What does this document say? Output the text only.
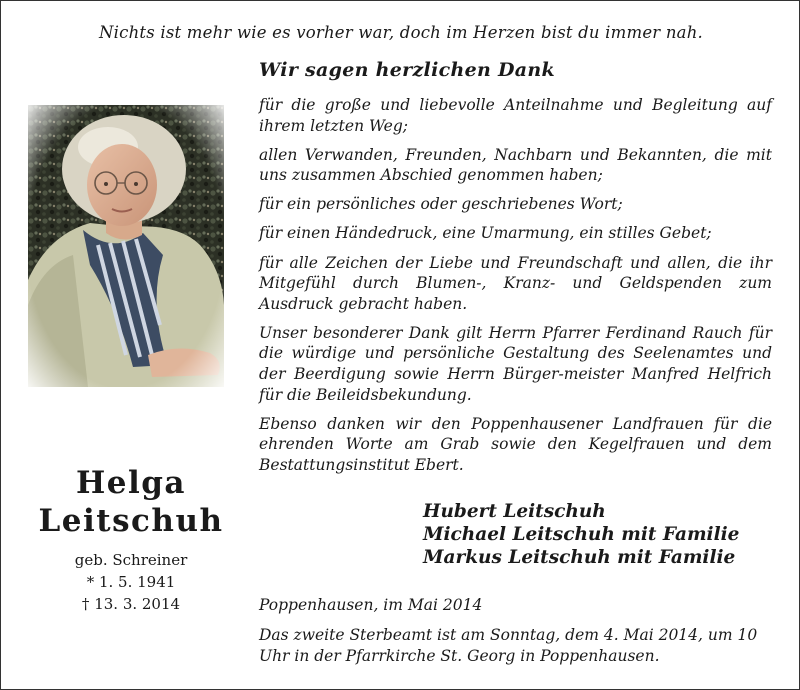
Nichts ist mehr wie es vorher war, doch im Herzen bist du immer nah.
Wir sagen herzlichen Dank
Helga
Leitschuh
geb. Schreiner
* 1. 5. 1941
† 13. 3. 2014

für die große und liebevolle Anteilnahme und Begleitung auf ihrem letzten Weg;

allen Verwanden, Freunden, Nachbarn und Bekannten, die mit uns zusammen Abschied genommen haben;

für ein persönliches oder geschriebenes Wort;

für einen Händedruck, eine Umarmung, ein stilles Gebet;

für alle Zeichen der Liebe und Freundschaft und allen, die ihr Mitgefühl durch Blumen-, Kranz- und Geldspenden zum Ausdruck gebracht haben.

Unser besonderer Dank gilt Herrn Pfarrer Ferdinand Rauch für die würdige und persönliche Gestaltung des Seelenamtes und der Beerdigung sowie Herrn Bürger-meister Manfred Helfrich für die Beileidsbekundung.

Ebenso danken wir den Poppenhausener Landfrauen für die ehrenden Worte am Grab sowie den Kegelfrauen und dem Bestattungsinstitut Ebert.

Hubert Leitschuh
Michael Leitschuh mit Familie
Markus Leitschuh mit Familie
Poppenhausen, im Mai 2014
Das zweite Sterbeamt ist am Sonntag, dem 4. Mai 2014, um 10 Uhr in der Pfarrkirche St. Georg in Poppenhausen.
